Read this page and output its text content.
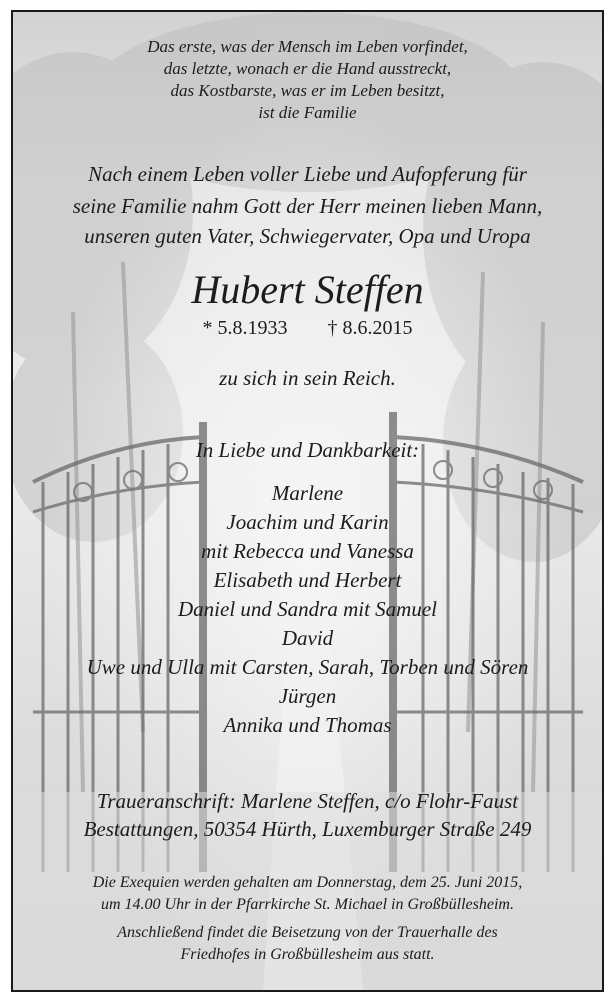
Das erste, was der Mensch im Leben vorfindet,
das letzte, wonach er die Hand ausstreckt,
das Kostbarste, was er im Leben besitzt,
ist die Familie
Nach einem Leben voller Liebe und Aufopferung für
seine Familie nahm Gott der Herr meinen lieben Mann,
unseren guten Vater, Schwiegervater, Opa und Uropa
Hubert Steffen
* 5.8.1933 † 8.6.2015
zu sich in sein Reich.
In Liebe und Dankbarkeit:
Marlene
Joachim und Karin
mit Rebecca und Vanessa
Elisabeth und Herbert
Daniel und Sandra mit Samuel
David
Uwe und Ulla mit Carsten, Sarah, Torben und Sören
Jürgen
Annika und Thomas
Traueranschrift: Marlene Steffen, c/o Flohr-Faust
Bestattungen, 50354 Hürth, Luxemburger Straße 249
Die Exequien werden gehalten am Donnerstag, dem 25. Juni 2015,
um 14.00 Uhr in der Pfarrkirche St. Michael in Großbüllesheim.
Anschließend findet die Beisetzung von der Trauerhalle des
Friedhofes in Großbüllesheim aus statt.
